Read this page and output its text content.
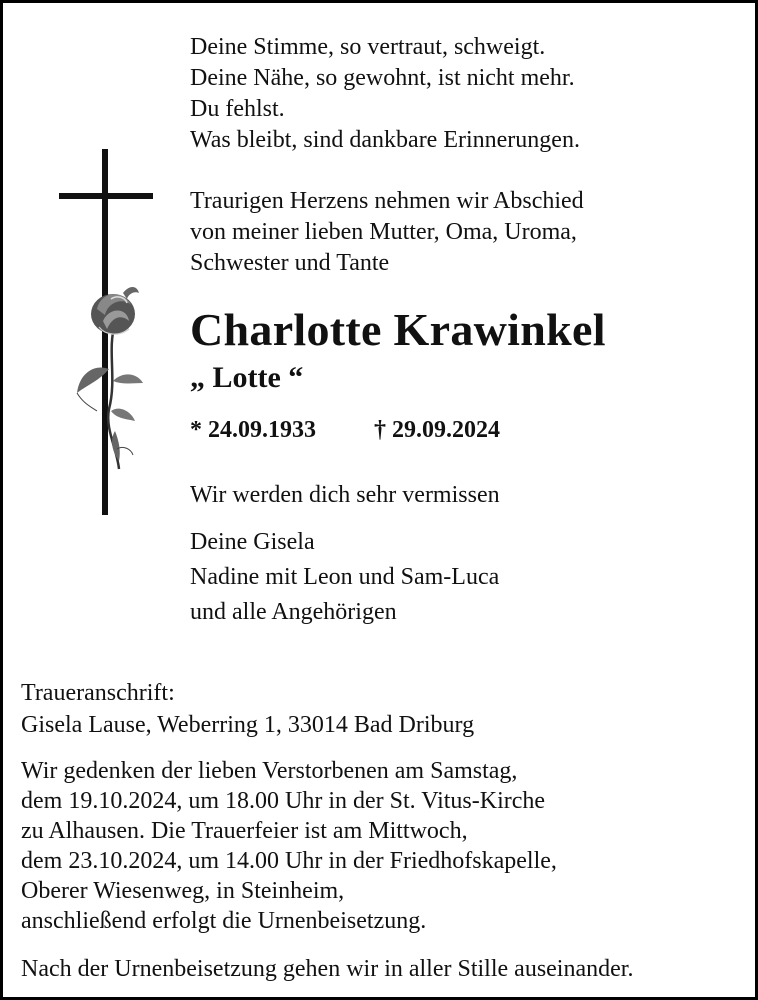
Deine Stimme, so vertraut, schweigt.

Deine Nähe, so gewohnt, ist nicht mehr.

Du fehlst.

Was bleibt, sind dankbare Erinnerungen.

Traurigen Herzens nehmen wir Abschied

von meiner lieben Mutter, Oma, Uroma,

Schwester und Tante

Charlotte Krawinkel

„ Lotte “

* 24.09.1933 † 29.09.2024

Wir werden dich sehr vermissen

Deine Gisela

Nadine mit Leon und Sam-Luca

und alle Angehörigen

Traueranschrift:

Gisela Lause, Weberring 1, 33014 Bad Driburg

Wir gedenken der lieben Verstorbenen am Samstag,

dem 19.10.2024, um 18.00 Uhr in der St. Vitus-Kirche

zu Alhausen. Die Trauerfeier ist am Mittwoch,

dem 23.10.2024, um 14.00 Uhr in der Friedhofskapelle,

Oberer Wiesenweg, in Steinheim,

anschließend erfolgt die Urnenbeisetzung.

Nach der Urnenbeisetzung gehen wir in aller Stille auseinander.
